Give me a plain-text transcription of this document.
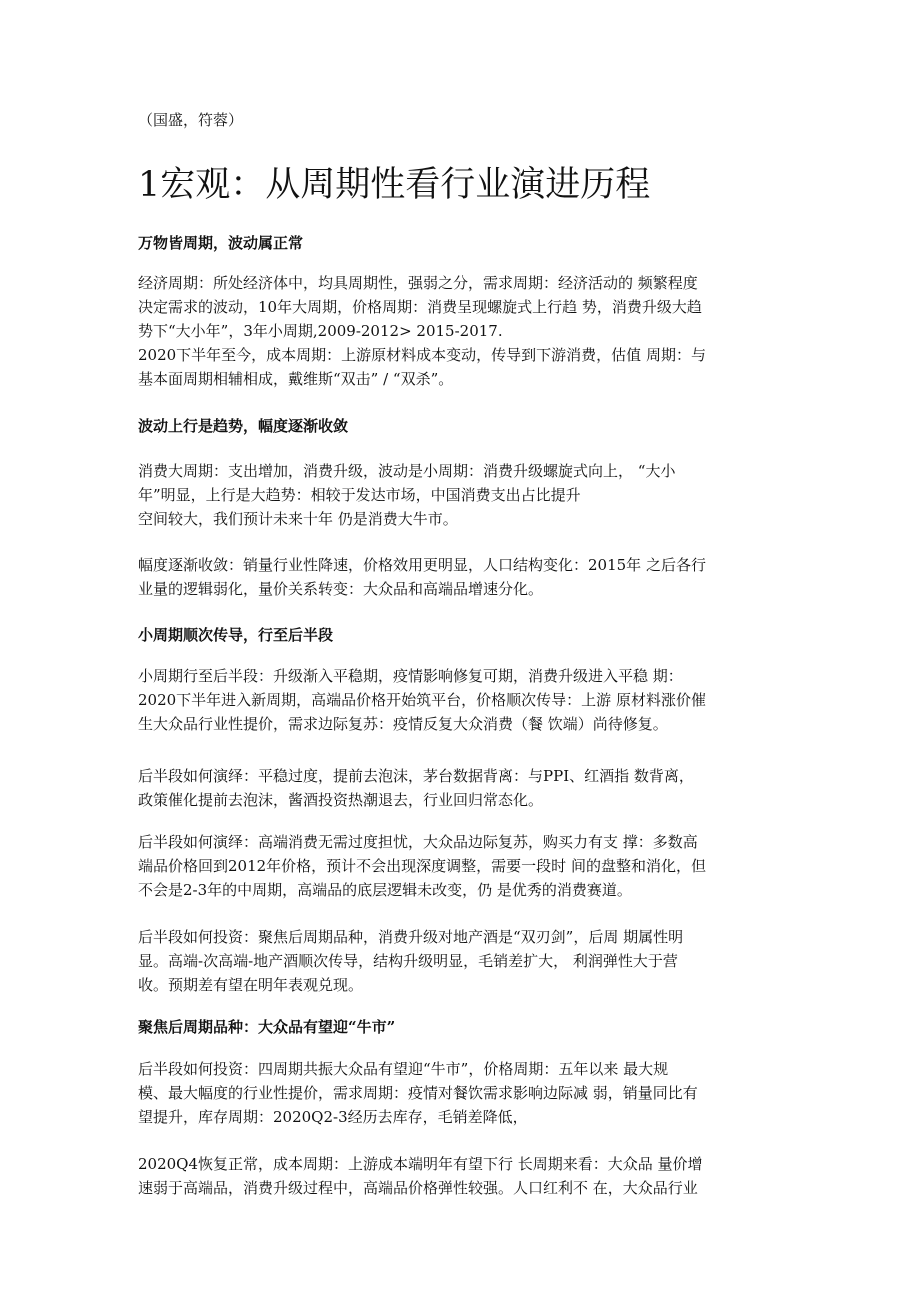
（国盛，符蓉）
1宏观：从周期性看行业演进历程
万物皆周期，波动属正常
经济周期：所处经济体中，均具周期性，强弱之分，需求周期：经济活动的 频繁程度
决定需求的波动，10年大周期，价格周期：消费呈现螺旋式上行趋 势，消费升级大趋
势下“大小年”，3年小周期,2009-2012> 2015-2017.
2020下半年至今，成本周期：上游原材料成本变动，传导到下游消费，估值 周期：与
基本面周期相辅相成，戴维斯“双击” / “双杀”。
波动上行是趋势，幅度逐渐收敛
消费大周期：支出增加，消费升级，波动是小周期：消费升级螺旋式向上， “大小
年”明显，上行是大趋势：相较于发达市场，中国消费支出占比提升
空间较大，我们预计未来十年 仍是消费大牛市。
幅度逐渐收敛：销量行业性降速，价格效用更明显，人口结构变化：2015年 之后各行
业量的逻辑弱化，量价关系转变：大众品和高端品增速分化。
小周期顺次传导，行至后半段
小周期行至后半段：升级渐入平稳期，疫情影响修复可期，消费升级进入平稳 期：
2020下半年进入新周期，高端品价格开始筑平台，价格顺次传导：上游 原材料涨价催
生大众品行业性提价，需求边际复苏：疫情反复大众消费（餐 饮端）尚待修复。
后半段如何演绎：平稳过度，提前去泡沫，茅台数据背离：与PPI、红酒指 数背离，
政策催化提前去泡沫，酱酒投资热潮退去，行业回归常态化。
后半段如何演绎：高端消费无需过度担忧，大众品边际复苏，购买力有支 撑：多数高
端品价格回到2012年价格，预计不会出现深度调整，需要一段时 间的盘整和消化，但
不会是2-3年的中周期，高端品的底层逻辑未改变，仍 是优秀的消费赛道。
后半段如何投资：聚焦后周期品种，消费升级对地产酒是“双刃剑”，后周 期属性明
显。高端-次高端-地产酒顺次传导，结构升级明显，毛销差扩大， 利润弹性大于营
收。预期差有望在明年表观兑现。
聚焦后周期品种：大众品有望迎“牛市”
后半段如何投资：四周期共振大众品有望迎“牛市”，价格周期：五年以来 最大规
模、最大幅度的行业性提价，需求周期：疫情对餐饮需求影响边际减 弱，销量同比有
望提升，库存周期：2020Q2-3经历去库存，毛销差降低，
2020Q4恢复正常，成本周期：上游成本端明年有望下行 长周期来看：大众品 量价增
速弱于高端品，消费升级过程中，高端品价格弹性较强。人口红利不 在，大众品行业
